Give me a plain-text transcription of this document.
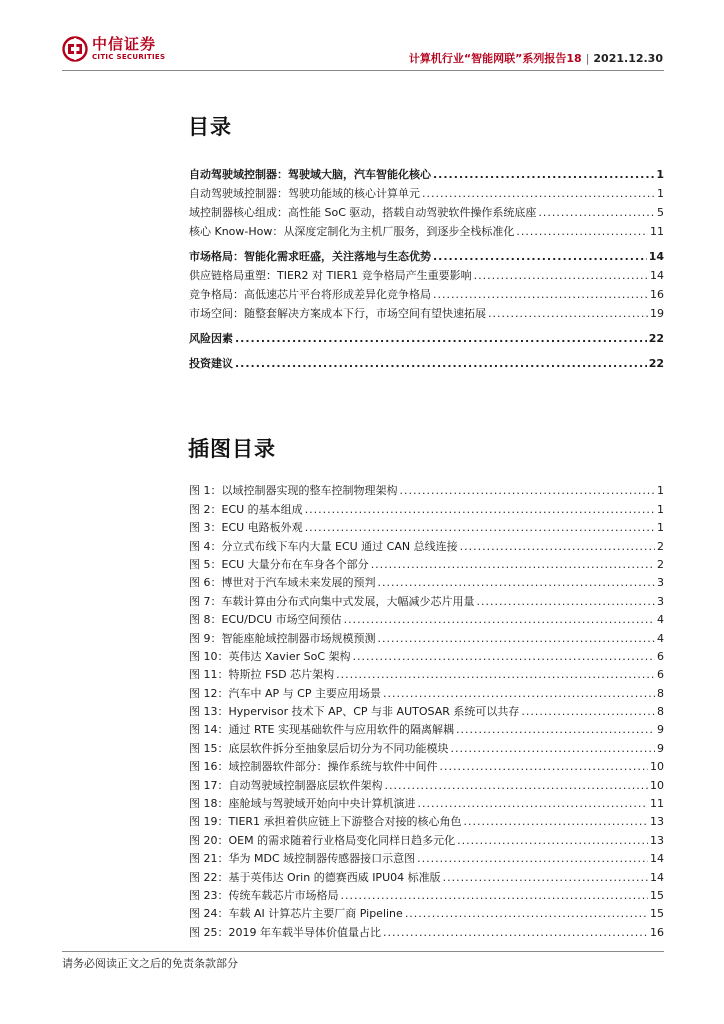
中信证券
CITIC SECURITIES	计算机行业“智能网联”系列报告18 | 2021.12.30
目录
自动驾驶域控制器：驾驶域大脑，汽车智能化核心 .....	1
自动驾驶域控制器：驾驶功能域的核心计算单元 .....	1
域控制器核心组成：高性能 SoC 驱动，搭载自动驾驶软件操作系统底座 .....	5
核心 Know-How：从深度定制化为主机厂服务，到逐步全栈标准化 .....	11
市场格局：智能化需求旺盛，关注落地与生态优势 .....	14
供应链格局重塑：TIER2 对 TIER1 竞争格局产生重要影响 .....	14
竞争格局：高低速芯片平台将形成差异化竞争格局 .....	16
市场空间：随整套解决方案成本下行，市场空间有望快速拓展 .....	19
风险因素 .....	22
投资建议 .....	22
插图目录
图 1：以域控制器实现的整车控制物理架构 .....	1
图 2：ECU 的基本组成 .....	1
图 3：ECU 电路板外观 .....	1
图 4：分立式布线下车内大量 ECU 通过 CAN 总线连接 .....	2
图 5：ECU 大量分布在车身各个部分 .....	2
图 6：博世对于汽车域未来发展的预判 .....	3
图 7：车载计算由分布式向集中式发展，大幅减少芯片用量 .....	3
图 8：ECU/DCU 市场空间预估 .....	4
图 9：智能座舱域控制器市场规模预测 .....	4
图 10：英伟达 Xavier SoC 架构 .....	6
图 11：特斯拉 FSD 芯片架构 .....	6
图 12：汽车中 AP 与 CP 主要应用场景 .....	8
图 13：Hypervisor 技术下 AP、CP 与非 AUTOSAR 系统可以共存 .....	8
图 14：通过 RTE 实现基础软件与应用软件的隔离解耦 .....	9
图 15：底层软件拆分至抽象层后切分为不同功能模块 .....	9
图 16：域控制器软件部分：操作系统与软件中间件 .....	10
图 17：自动驾驶域控制器底层软件架构 .....	10
图 18：座舱域与驾驶域开始向中央计算机演进 .....	11
图 19：TIER1 承担着供应链上下游整合对接的核心角色 .....	13
图 20：OEM 的需求随着行业格局变化同样日趋多元化 .....	13
图 21：华为 MDC 域控制器传感器接口示意图 .....	14
图 22：基于英伟达 Orin 的德赛西威 IPU04 标准版 .....	14
图 23：传统车载芯片市场格局 .....	15
图 24：车载 AI 计算芯片主要厂商 Pipeline .....	15
图 25：2019 年车载半导体价值量占比 .....	16
请务必阅读正文之后的免责条款部分
